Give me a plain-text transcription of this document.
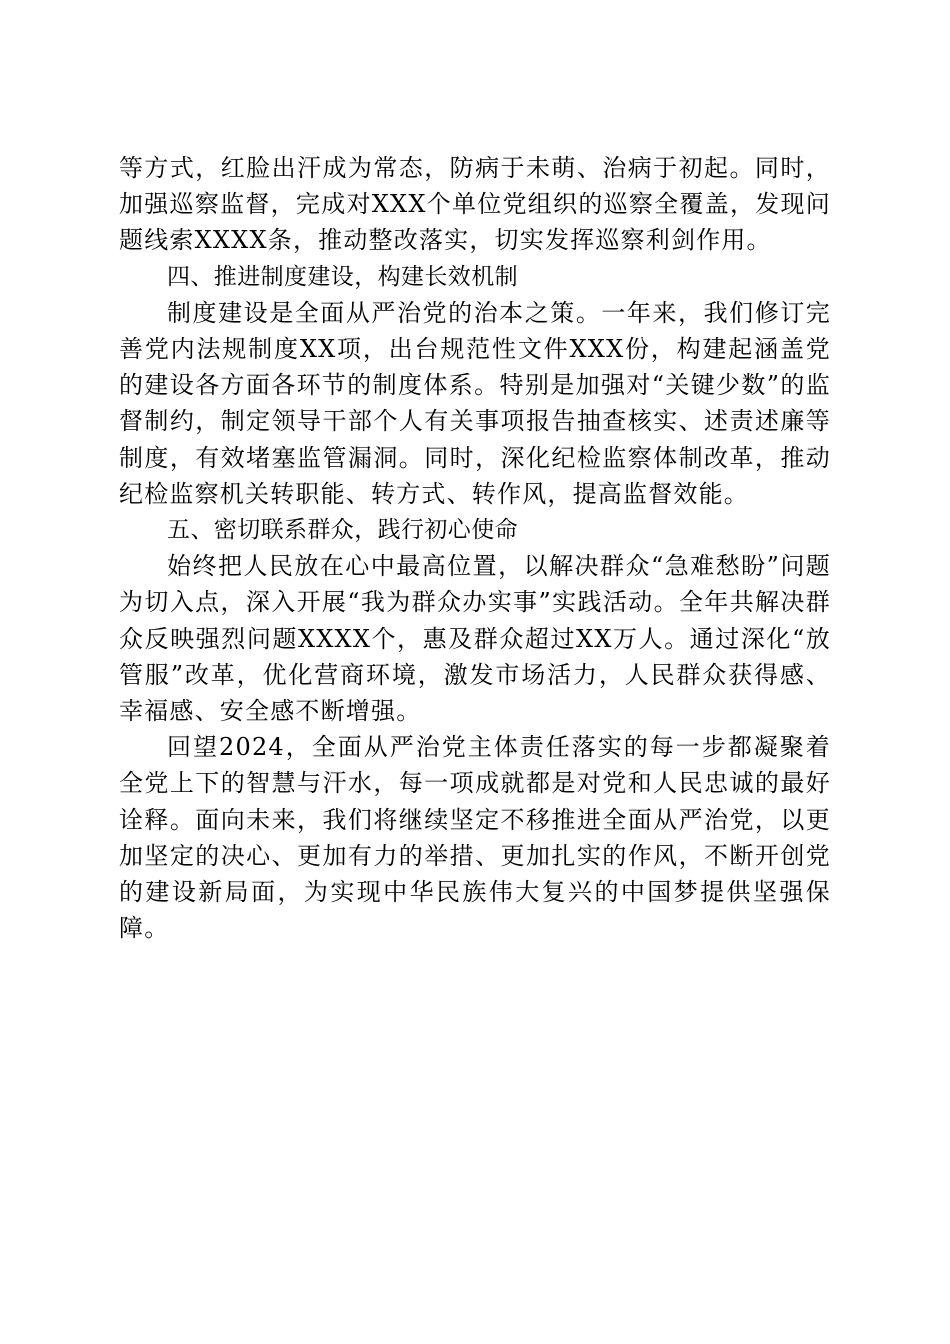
等方式，红脸出汗成为常态，防病于未萌、治病于初起。同时，加强巡察监督，完成对XXX个单位党组织的巡察全覆盖，发现问题线索XXXX条，推动整改落实，切实发挥巡察利剑作用。

四、推进制度建设，构建长效机制

制度建设是全面从严治党的治本之策。一年来，我们修订完善党内法规制度XX项，出台规范性文件XXX份，构建起涵盖党的建设各方面各环节的制度体系。特别是加强对“关键少数”的监督制约，制定领导干部个人有关事项报告抽查核实、述责述廉等制度，有效堵塞监管漏洞。同时，深化纪检监察体制改革，推动纪检监察机关转职能、转方式、转作风，提高监督效能。

五、密切联系群众，践行初心使命

始终把人民放在心中最高位置，以解决群众“急难愁盼”问题为切入点，深入开展“我为群众办实事”实践活动。全年共解决群众反映强烈问题XXXX个，惠及群众超过XX万人。通过深化“放管服”改革，优化营商环境，激发市场活力，人民群众获得感、幸福感、安全感不断增强。

回望2024，全面从严治党主体责任落实的每一步都凝聚着全党上下的智慧与汗水，每一项成就都是对党和人民忠诚的最好诠释。面向未来，我们将继续坚定不移推进全面从严治党，以更加坚定的决心、更加有力的举措、更加扎实的作风，不断开创党的建设新局面，为实现中华民族伟大复兴的中国梦提供坚强保障。
